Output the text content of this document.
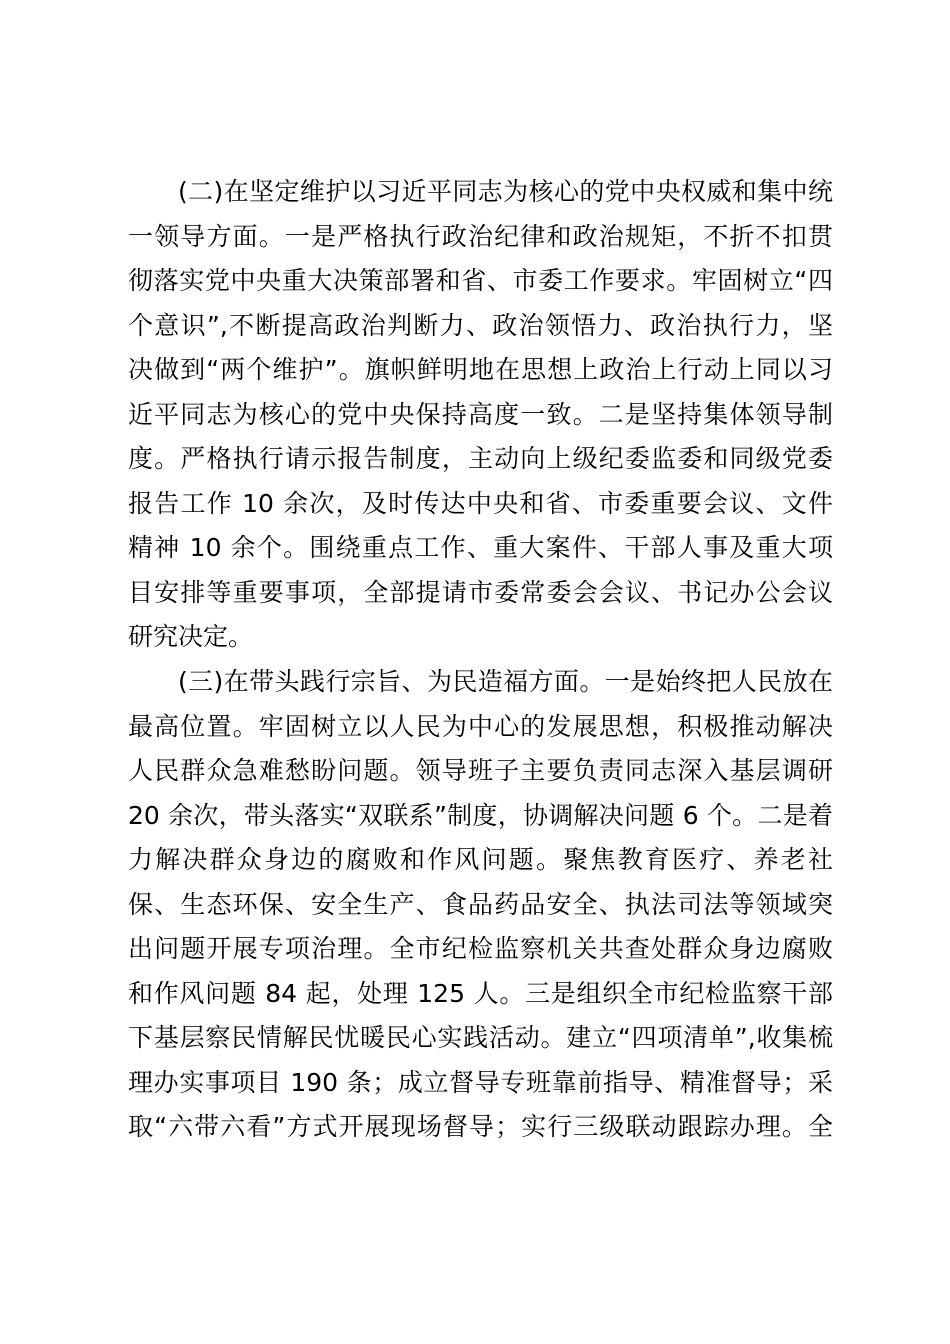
(二)在坚定维护以习近平同志为核心的党中央权威和集中统
一领导方面。一是严格执行政治纪律和政治规矩，不折不扣贯
彻落实党中央重大决策部署和省、市委工作要求。牢固树立“四
个意识”,不断提高政治判断力、政治领悟力、政治执行力，坚
决做到“两个维护”。旗帜鲜明地在思想上政治上行动上同以习
近平同志为核心的党中央保持高度一致。二是坚持集体领导制
度。严格执行请示报告制度，主动向上级纪委监委和同级党委
报告工作 10 余次，及时传达中央和省、市委重要会议、文件
精神 10 余个。围绕重点工作、重大案件、干部人事及重大项
目安排等重要事项，全部提请市委常委会会议、书记办公会议
研究决定。
(三)在带头践行宗旨、为民造福方面。一是始终把人民放在
最高位置。牢固树立以人民为中心的发展思想，积极推动解决
人民群众急难愁盼问题。领导班子主要负责同志深入基层调研
20 余次，带头落实“双联系”制度，协调解决问题 6 个。二是着
力解决群众身边的腐败和作风问题。聚焦教育医疗、养老社
保、生态环保、安全生产、食品药品安全、执法司法等领域突
出问题开展专项治理。全市纪检监察机关共查处群众身边腐败
和作风问题 84 起，处理 125 人。三是组织全市纪检监察干部
下基层察民情解民忧暖民心实践活动。建立“四项清单”,收集梳
理办实事项目 190 条；成立督导专班靠前指导、精准督导；采
取“六带六看”方式开展现场督导；实行三级联动跟踪办理。全
